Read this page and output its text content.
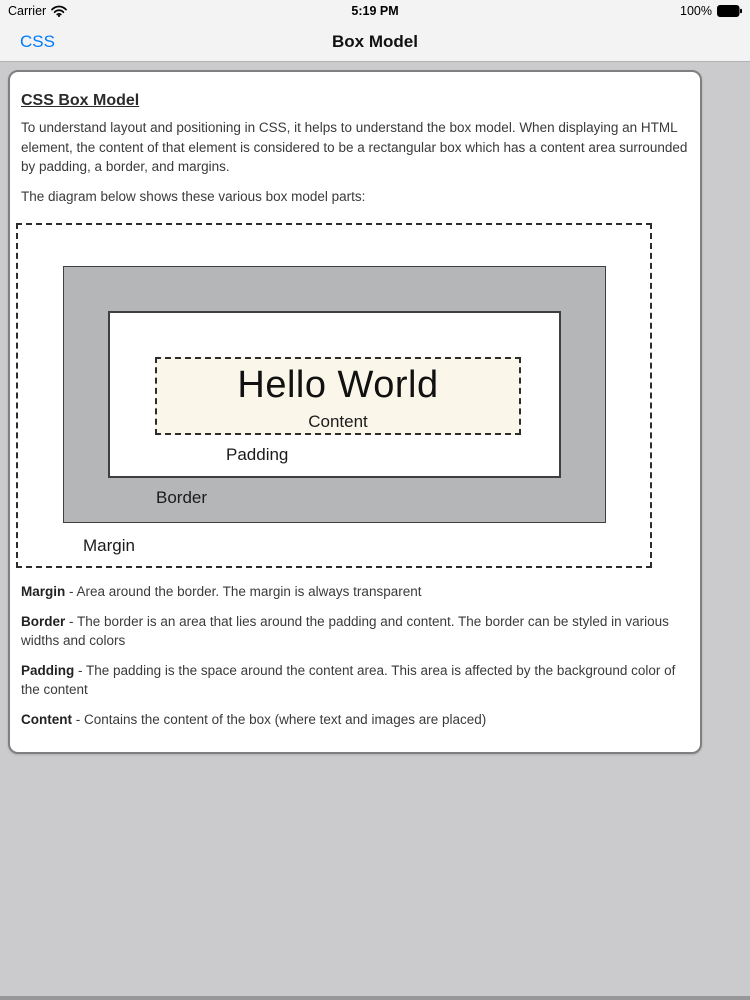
Carrier	5:19 PM	100%
CSS	Box Model
CSS Box Model

To understand layout and positioning in CSS, it helps to understand the box model. When displaying an HTML element, the content of that element is considered to be a rectangular box which has a content area surrounded by padding, a border, and margins.

The diagram below shows these various box model parts:

Hello World
Content
Padding
Border
Margin

Margin - Area around the border. The margin is always transparent

Border - The border is an area that lies around the padding and content. The border can be styled in various widths and colors

Padding - The padding is the space around the content area. This area is affected by the background color of the content

Content - Contains the content of the box (where text and images are placed)
